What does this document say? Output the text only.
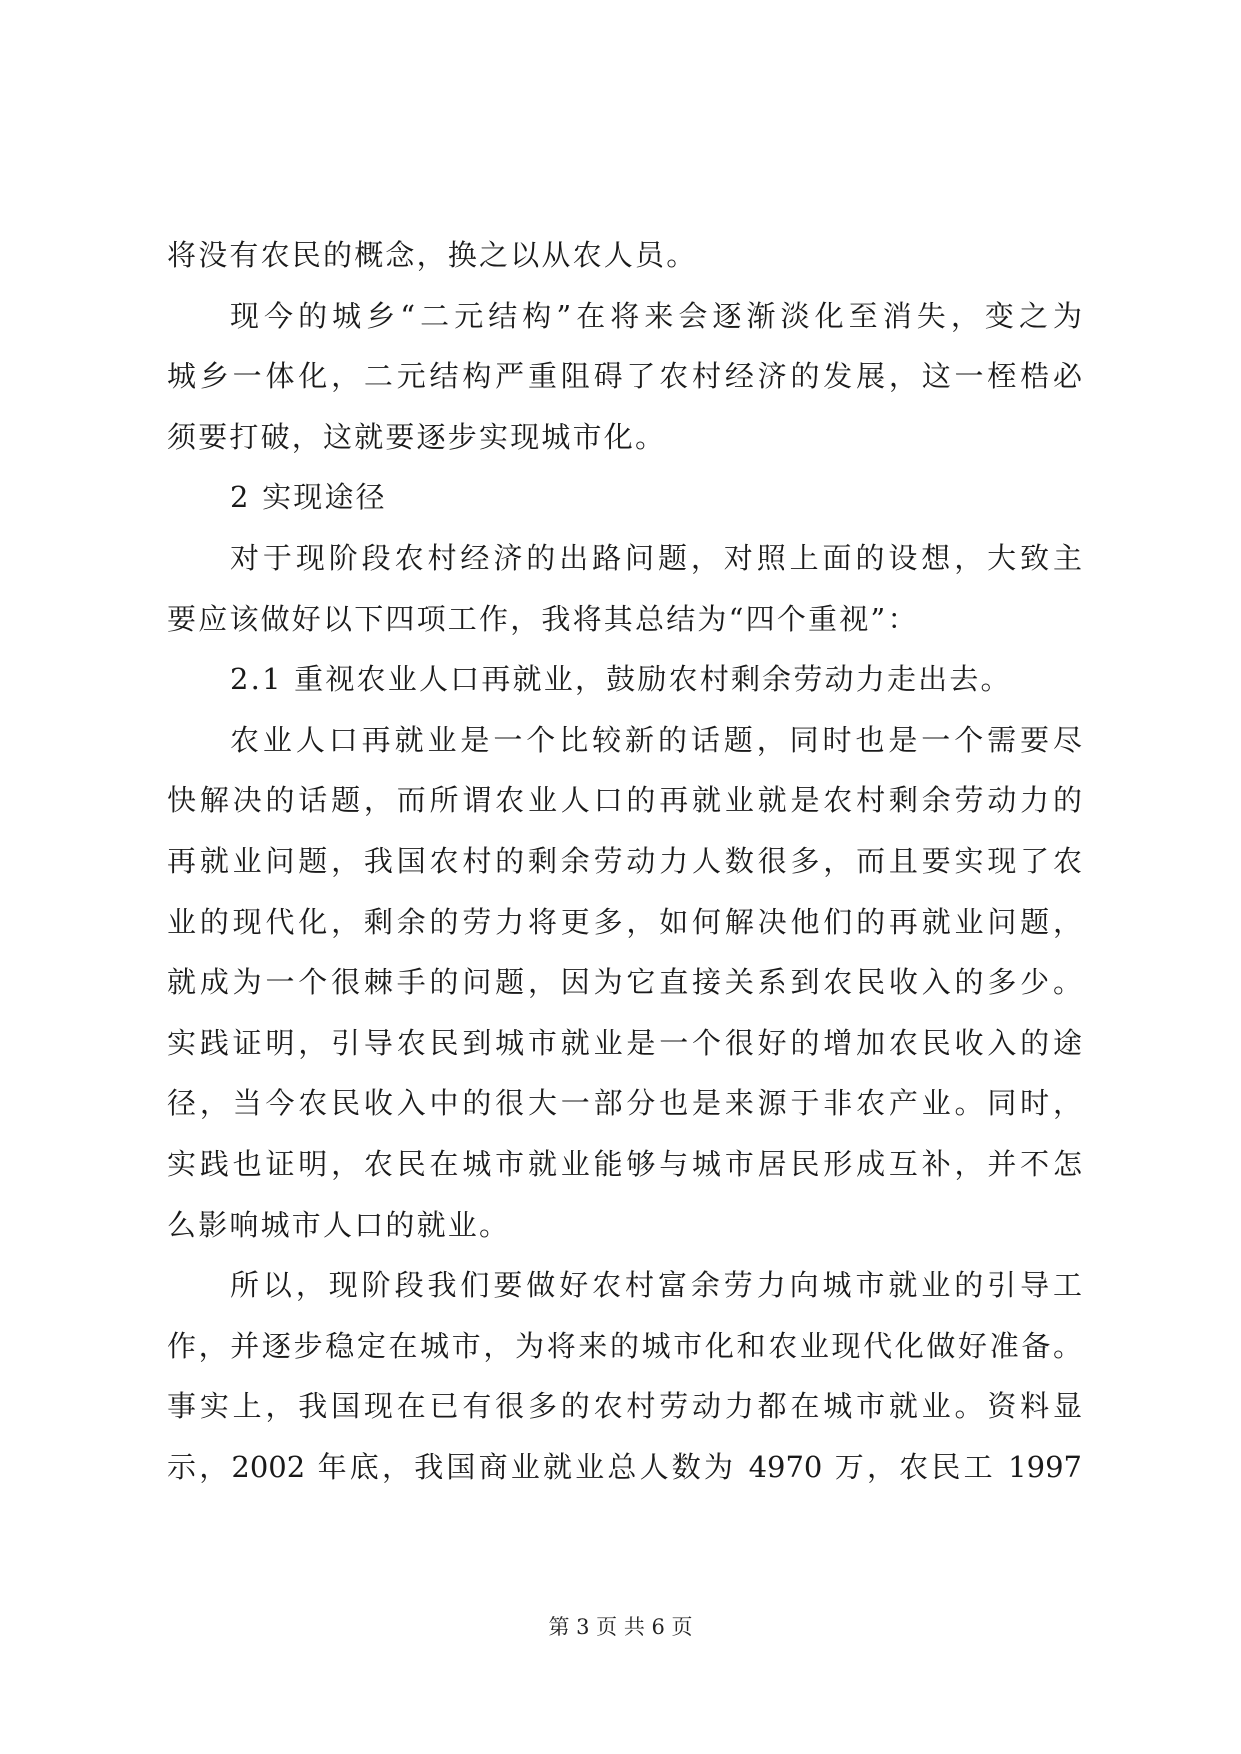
将没有农民的概念，换之以从农人员。
现今的城乡“二元结构”在将来会逐渐淡化至消失，变之为
城乡一体化，二元结构严重阻碍了农村经济的发展，这一桎梏必
须要打破，这就要逐步实现城市化。
2 实现途径
对于现阶段农村经济的出路问题，对照上面的设想，大致主
要应该做好以下四项工作，我将其总结为“四个重视”：
2.1 重视农业人口再就业，鼓励农村剩余劳动力走出去。
农业人口再就业是一个比较新的话题，同时也是一个需要尽
快解决的话题，而所谓农业人口的再就业就是农村剩余劳动力的
再就业问题，我国农村的剩余劳动力人数很多，而且要实现了农
业的现代化，剩余的劳力将更多，如何解决他们的再就业问题，
就成为一个很棘手的问题，因为它直接关系到农民收入的多少。
实践证明，引导农民到城市就业是一个很好的增加农民收入的途
径，当今农民收入中的很大一部分也是来源于非农产业。同时，
实践也证明，农民在城市就业能够与城市居民形成互补，并不怎
么影响城市人口的就业。
所以，现阶段我们要做好农村富余劳力向城市就业的引导工
作，并逐步稳定在城市，为将来的城市化和农业现代化做好准备。
事实上，我国现在已有很多的农村劳动力都在城市就业。资料显
示，2002 年底，我国商业就业总人数为 4970 万，农民工 1997
第 3 页 共 6 页
